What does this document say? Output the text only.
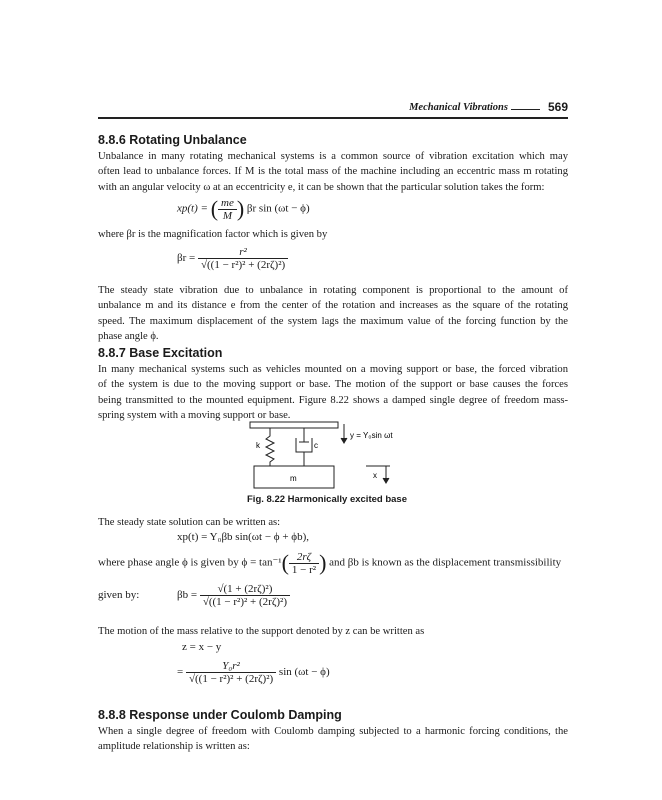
Mechanical Vibrations	569
8.8.6 Rotating Unbalance
Unbalance in many rotating mechanical systems is a common source of vibration excitation which may
often lead to unbalance forces. If M is the total mass of the machine including an eccentric mass m rotating
with an angular velocity ω at an eccentricity e, it can be shown that the particular solution takes the form:
xp(t) = ( $\frac{me}{M}$ ) βr sin (ωt − ϕ)

where βr is the magnification factor which is given by

$\beta r = \frac{\text{r²}}{\text{√((1 − r²)² + (2rζ)²)}}$
The steady state vibration due to unbalance in rotating component is proportional to the amount of
unbalance m and its distance e from the center of the rotation and increases as the square of the rotating
speed. The maximum displacement of the system lags the maximum value of the forcing function by the
phase angle ϕ.
8.8.7 Base Excitation
In many mechanical systems such as vehicles mounted on a moving support or base, the forced vibration
of the system is due to the moving support or base. The motion of the support or base causes the forces
being transmitted to the mounted equipment. Figure 8.22 shows a damped single degree of freedom mass-
spring system with a moving support or base.
k	c
m
y = Y₀sin ωt
x
Fig. 8.22 Harmonically excited base

The steady state solution can be written as:

xp(t) = Y₀βb sin(ωt − ϕ + ϕb),
where phase angle ϕ is given by $\phi = \tan^{-1}( \frac{2r\zeta}{\text{1 − r²}}$ ) and βb is known as the displacement transmissibility
given by:	$\beta b = \frac{\text{√(1 + (2rζ)²)}}{\text{√((1 − r²)² + (2rζ)²)}}$

The motion of the mass relative to the support denoted by z can be written as

z = x − y
= $\frac{\text{Y₀r²}}{\text{√((1 − r²)² + (2rζ)²)}}$ sin (ωt − ϕ)
8.8.8 Response under Coulomb Damping
When a single degree of freedom with Coulomb damping subjected to a harmonic forcing conditions, the
amplitude relationship is written as:
